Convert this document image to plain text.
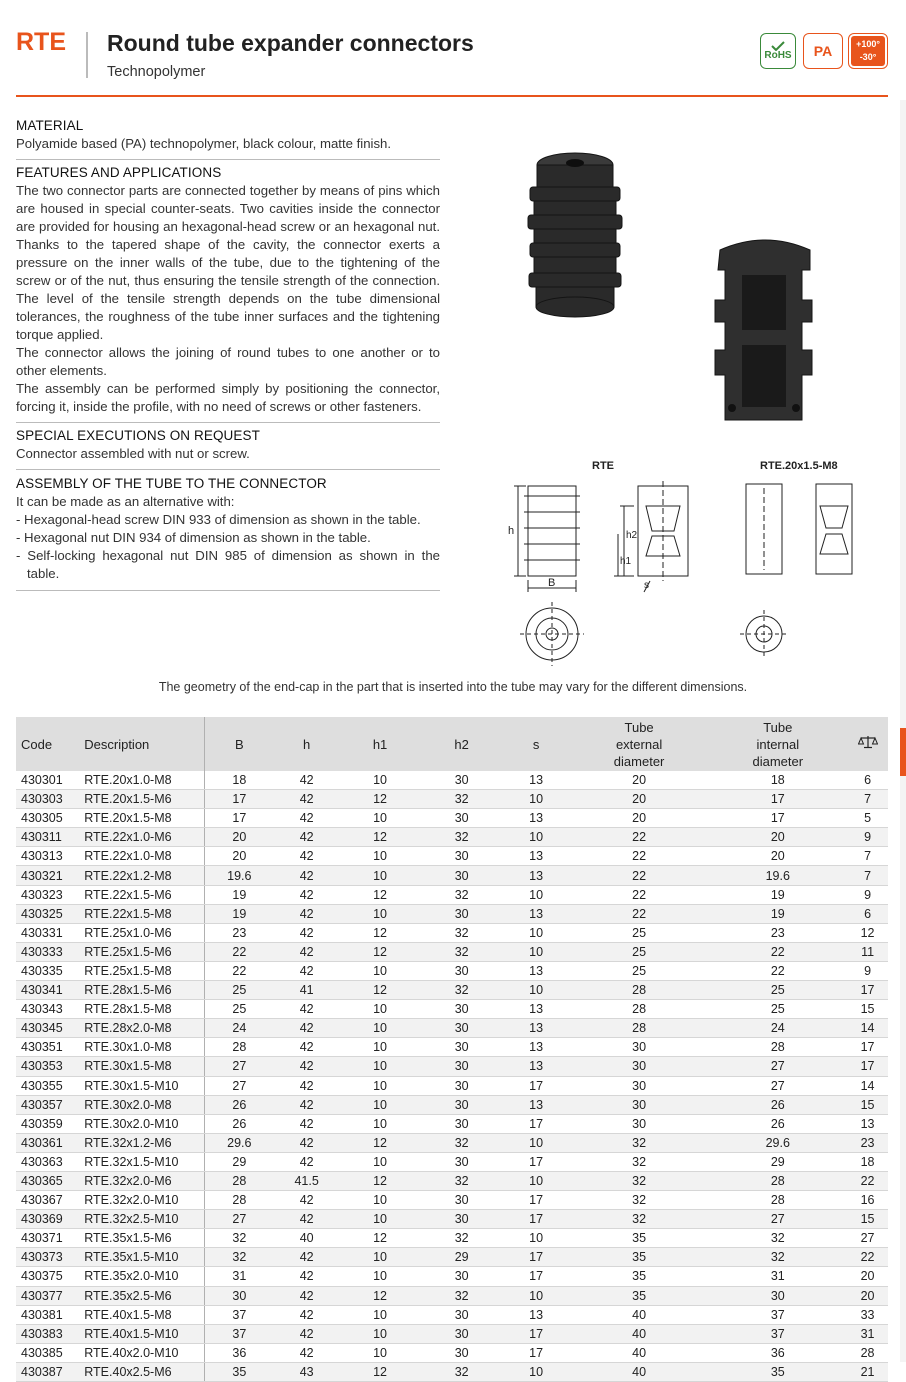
RTE Round tube expander connectors
Technopolymer
RoHS PA	+100°
-30°
MATERIAL
Polyamide based (PA) technopolymer, black colour, matte finish.
FEATURES AND APPLICATIONS
The two connector parts are connected together by means of pins which are housed in special counter-seats. Two cavities inside the connector are provided for housing an hexagonal-head screw or an hexagonal nut. Thanks to the tapered shape of the cavity, the connector exerts a pressure on the inner walls of the tube, due to the tightening of the screw or of the nut, thus ensuring the tensile strength of the connection. The level of the tensile strength depends on the tube dimensional tolerances, the roughness of the tube inner surfaces and the tightening torque applied.
The connector allows the joining of round tubes to one another or to other elements.
The assembly can be performed simply by positioning the connector, forcing it, inside the profile, with no need of screws or other fasteners.
SPECIAL EXECUTIONS ON REQUEST
Connector assembled with nut or screw.
ASSEMBLY OF THE TUBE TO THE CONNECTOR
It can be made as an alternative with:
- Hexagonal-head screw DIN 933 of dimension as shown in the table.
- Hexagonal nut DIN 934 of dimension as shown in the table.
- Self-locking hexagonal nut DIN 985 of dimension as shown in the table.
RTE	RTE.20x1.5-M8
h
B
h2
h1
s
The geometry of the end-cap in the part that is inserted into the tube may vary for the different dimensions.
Code	Description	B	h	h1	h2	s	Tube external diameter	Tube internal diameter	
430301	RTE.20x1.0-M8	18	42	10	30	13	20	18	6
430303	RTE.20x1.5-M6	17	42	12	32	10	20	17	7
430305	RTE.20x1.5-M8	17	42	10	30	13	20	17	5
430311	RTE.22x1.0-M6	20	42	12	32	10	22	20	9
430313	RTE.22x1.0-M8	20	42	10	30	13	22	20	7
430321	RTE.22x1.2-M8	19.6	42	10	30	13	22	19.6	7
430323	RTE.22x1.5-M6	19	42	12	32	10	22	19	9
430325	RTE.22x1.5-M8	19	42	10	30	13	22	19	6
430331	RTE.25x1.0-M6	23	42	12	32	10	25	23	12
430333	RTE.25x1.5-M6	22	42	12	32	10	25	22	11
430335	RTE.25x1.5-M8	22	42	10	30	13	25	22	9
430341	RTE.28x1.5-M6	25	41	12	32	10	28	25	17
430343	RTE.28x1.5-M8	25	42	10	30	13	28	25	15
430345	RTE.28x2.0-M8	24	42	10	30	13	28	24	14
430351	RTE.30x1.0-M8	28	42	10	30	13	30	28	17
430353	RTE.30x1.5-M8	27	42	10	30	13	30	27	17
430355	RTE.30x1.5-M10	27	42	10	30	17	30	27	14
430357	RTE.30x2.0-M8	26	42	10	30	13	30	26	15
430359	RTE.30x2.0-M10	26	42	10	30	17	30	26	13
430361	RTE.32x1.2-M6	29.6	42	12	32	10	32	29.6	23
430363	RTE.32x1.5-M10	29	42	10	30	17	32	29	18
430365	RTE.32x2.0-M6	28	41.5	12	32	10	32	28	22
430367	RTE.32x2.0-M10	28	42	10	30	17	32	28	16
430369	RTE.32x2.5-M10	27	42	10	30	17	32	27	15
430371	RTE.35x1.5-M6	32	40	12	32	10	35	32	27
430373	RTE.35x1.5-M10	32	42	10	29	17	35	32	22
430375	RTE.35x2.0-M10	31	42	10	30	17	35	31	20
430377	RTE.35x2.5-M6	30	42	12	32	10	35	30	20
430381	RTE.40x1.5-M8	37	42	10	30	13	40	37	33
430383	RTE.40x1.5-M10	37	42	10	30	17	40	37	31
430385	RTE.40x2.0-M10	36	42	10	30	17	40	36	28
430387	RTE.40x2.5-M6	35	43	12	32	10	40	35	21
